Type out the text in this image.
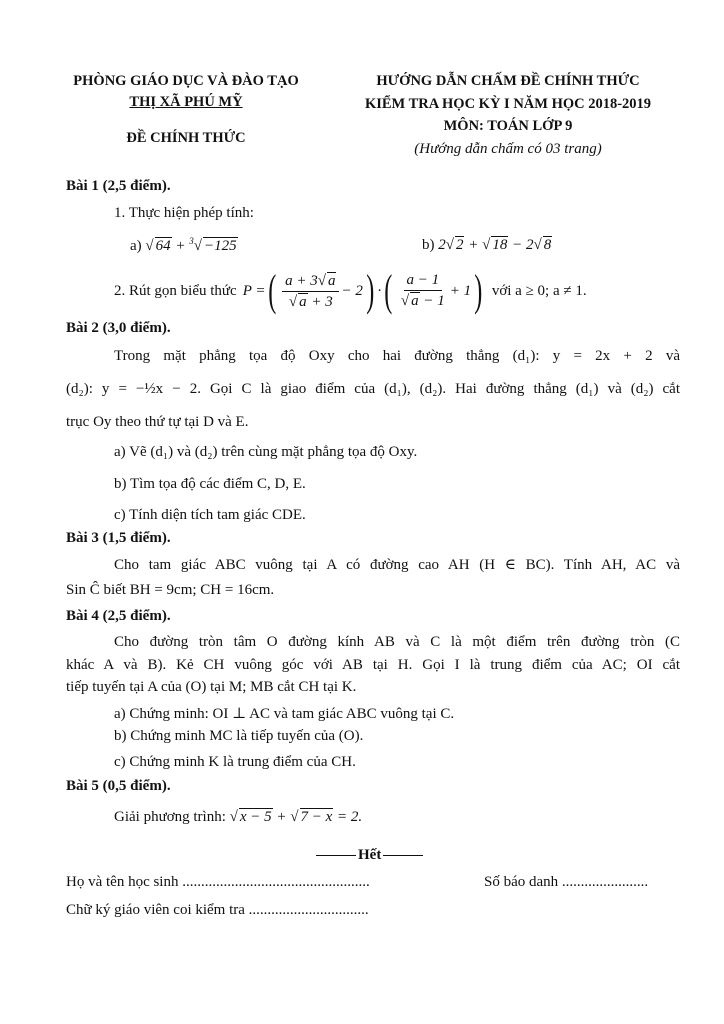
PHÒNG GIÁO DỤC VÀ ĐÀO TẠO
THỊ XÃ PHÚ MỸ
ĐỀ CHÍNH THỨC
HƯỚNG DẪN CHẤM ĐỀ CHÍNH THỨC
KIỂM TRA HỌC KỲ I NĂM HỌC 2018-2019
MÔN: TOÁN LỚP 9
(Hướng dẫn chấm có 03 trang)
Bài 1 (2,5 điểm).
1. Thực hiện phép tính:
a) √ 64 + $^3$√ −125	b) 2√ 2 + √ 18 − 2√ 8
2. Rút gọn biểu thức P = ( $\frac{a + 3√ a}{√ a + 3} - 2$ ) · ( $\frac{a - 1}{√ a - 1} + 1$ ) với a ≥ 0; a ≠ 1.
Bài 2 (3,0 điểm).
Trong mặt phẳng tọa độ Oxy cho hai đường thẳng (d₁): y = 2x + 2 và
(d₂): y = −½x − 2. Gọi C là giao điểm của (d₁), (d₂). Hai đường thẳng (d₁) và (d₂) cắt
trục Oy theo thứ tự tại D và E.
a) Vẽ (d₁) và (d₂) trên cùng mặt phẳng tọa độ Oxy.
b) Tìm tọa độ các điểm C, D, E.
c) Tính diện tích tam giác CDE.
Bài 3 (1,5 điểm).
Cho tam giác ABC vuông tại A có đường cao AH (H ∈ BC). Tính AH, AC và
Sin Ĉ biết BH = 9cm; CH = 16cm.
Bài 4 (2,5 điểm).
Cho đường tròn tâm O đường kính AB và C là một điểm trên đường tròn (C
khác A và B). Kẻ CH vuông góc với AB tại H. Gọi I là trung điểm của AC; OI cắt
tiếp tuyến tại A của (O) tại M; MB cắt CH tại K.
a) Chứng minh: OI ⊥ AC và tam giác ABC vuông tại C.
b) Chứng minh MC là tiếp tuyến của (O).
c) Chứng minh K là trung điểm của CH.
Bài 5 (0,5 điểm).
Giải phương trình: √ x − 5 + √ 7 − x = 2.
Hết
Họ và tên học sinh ..................................................	Số báo danh .......................
Chữ ký giáo viên coi kiểm tra ................................
